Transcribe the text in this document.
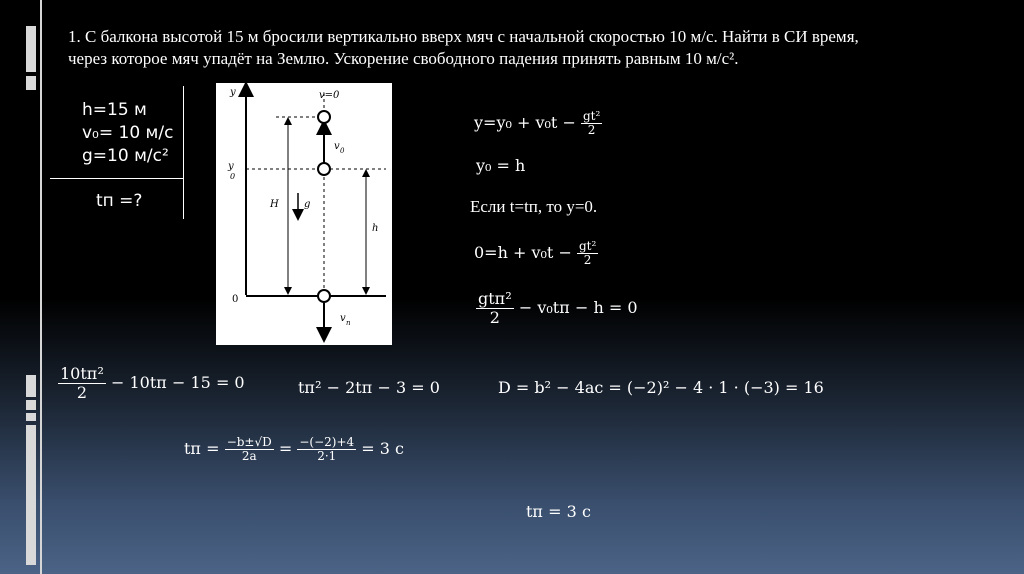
1. С балкона высотой 15 м бросили вертикально вверх мяч с начальной скоростью 10 м/с. Найти в СИ время,
через которое мяч упадёт на Землю. Ускорение свободного падения принять равным 10 м/с².
h=15 м
v₀= 10 м/с
g=10 м/с²
tп =?
y	v=0
y
0
v 0
H	g
h
0
v п
$y=y_0 + v_0t - \frac{\text{gt²}}{2}$
y₀ = h
Если t=tп, то y=0.
$0=h + v_0t - \frac{\text{gt²}}{2}$
$\frac{\text{gtп²}}{2} - v_0tп - h = 0$
$\frac{\text{10tп²}}{2} - 10tп - 15 = 0$	tп² − 2tп − 3 = 0	D = b² − 4ac = (−2)² − 4 · 1 · (−3) = 16
tп = $\frac{-b\pm√D}{2a} = \frac{-(-2)+4}{2\cdot 1} = 3$ с
tп = 3 с
